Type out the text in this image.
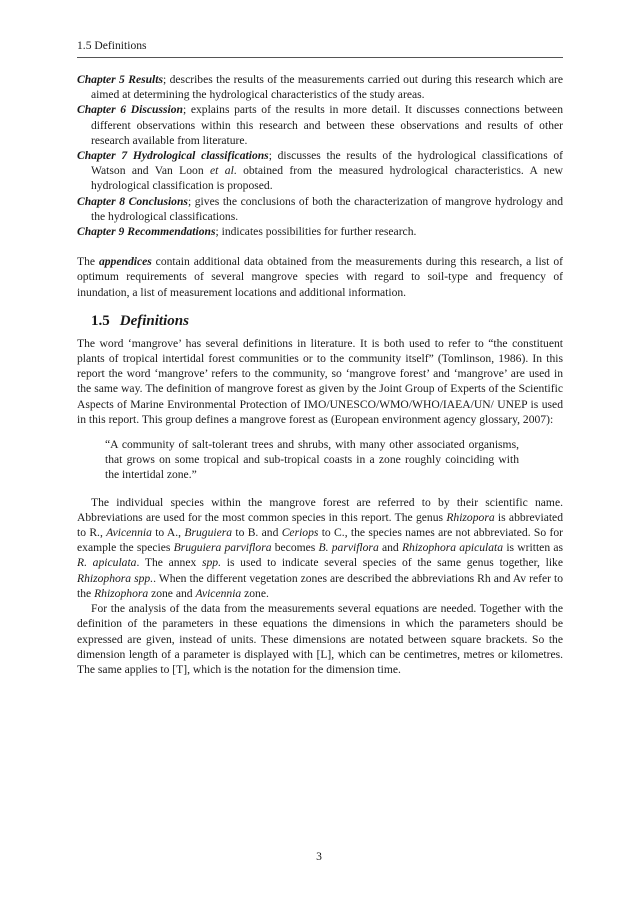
1.5 Definitions

Chapter 5 Results; describes the results of the measurements carried out during this research which are aimed at determining the hydrological characteristics of the study areas.

Chapter 6 Discussion; explains parts of the results in more detail. It discusses connections between different observations within this research and between these observations and results of other research available from literature.

Chapter 7 Hydrological classifications; discusses the results of the hydrological classifications of Watson and Van Loon et al. obtained from the measured hydrological characteristics. A new hydrological classification is proposed.

Chapter 8 Conclusions; gives the conclusions of both the characterization of mangrove hydrology and the hydrological classifications.

Chapter 9 Recommendations; indicates possibilities for further research.

The appendices contain additional data obtained from the measurements during this research, a list of optimum requirements of several mangrove species with regard to soil-type and frequency of inundation, a list of measurement locations and additional information.

1.5 Definitions

The word ‘mangrove’ has several definitions in literature. It is both used to refer to “the constituent plants of tropical intertidal forest communities or to the community itself” (Tomlinson, 1986). In this report the word ‘mangrove’ refers to the community, so ‘mangrove forest’ and ‘mangrove’ are used in the same way. The definition of mangrove forest as given by the Joint Group of Experts of the Scientific Aspects of Marine Environmental Protection of IMO/UNESCO/WMO/WHO/IAEA/UN/ UNEP is used in this report. This group defines a mangrove forest as (European environment agency glossary, 2007):

“A community of salt-tolerant trees and shrubs, with many other associated organisms, that grows on some tropical and sub-tropical coasts in a zone roughly coinciding with the intertidal zone.”

The individual species within the mangrove forest are referred to by their scientific name. Abbreviations are used for the most common species in this report. The genus Rhizopora is abbreviated to R., Avicennia to A., Bruguiera to B. and Ceriops to C., the species names are not abbreviated. So for example the species Bruguiera parviflora becomes B. parviflora and Rhizophora apiculata is written as R. apiculata. The annex spp. is used to indicate several species of the same genus together, like Rhizophora spp.. When the different vegetation zones are described the abbreviations Rh and Av refer to the Rhizophora zone and Avicennia zone.

For the analysis of the data from the measurements several equations are needed. Together with the definition of the parameters in these equations the dimensions in which the parameters should be expressed are given, instead of units. These dimensions are notated between square brackets. So the dimension length of a parameter is displayed with [L], which can be centimetres, metres or kilometres. The same applies to [T], which is the notation for the dimension time.

3
